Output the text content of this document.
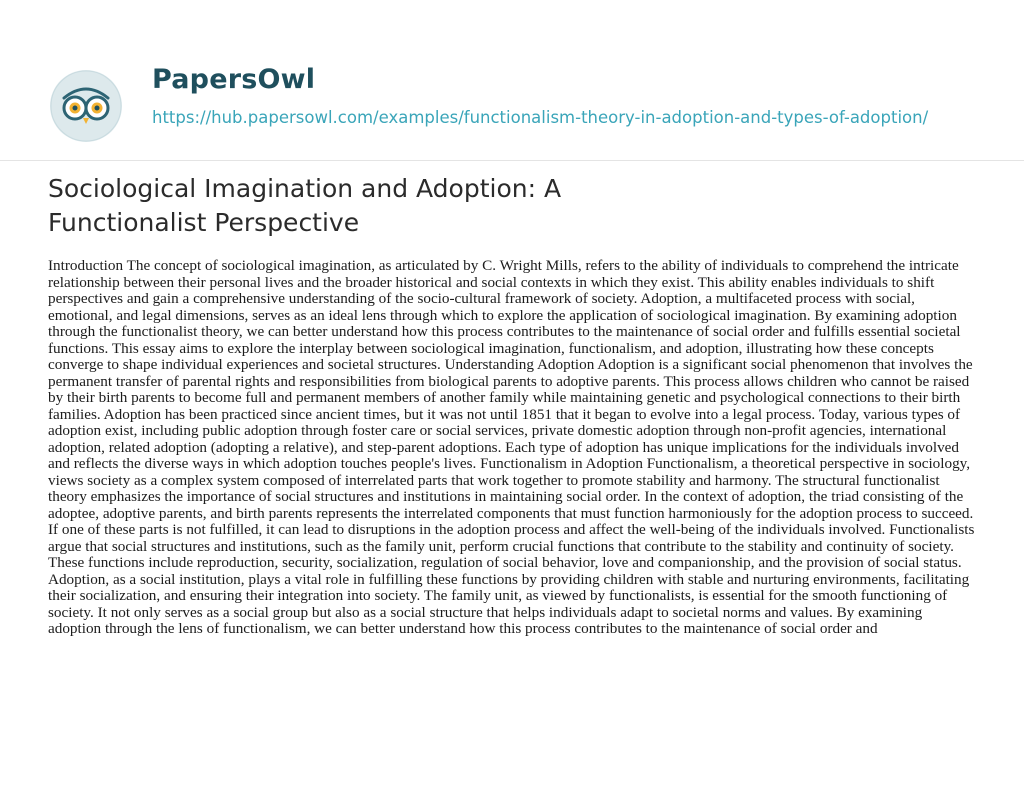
PapersOwl
https://hub.papersowl.com/examples/functionalism-theory-in-adoption-and-types-of-adoption/
Sociological Imagination and Adoption: A Functionalist Perspective

Introduction The concept of sociological imagination, as articulated by C. Wright Mills, refers to the ability of individuals to comprehend the intricate relationship between their personal lives and the broader historical and social contexts in which they exist. This ability enables individuals to shift perspectives and gain a comprehensive understanding of the socio-cultural framework of society. Adoption, a multifaceted process with social, emotional, and legal dimensions, serves as an ideal lens through which to explore the application of sociological imagination. By examining adoption through the functionalist theory, we can better understand how this process contributes to the maintenance of social order and fulfills essential societal functions. This essay aims to explore the interplay between sociological imagination, functionalism, and adoption, illustrating how these concepts converge to shape individual experiences and societal structures. Understanding Adoption Adoption is a significant social phenomenon that involves the permanent transfer of parental rights and responsibilities from biological parents to adoptive parents. This process allows children who cannot be raised by their birth parents to become full and permanent members of another family while maintaining genetic and psychological connections to their birth families. Adoption has been practiced since ancient times, but it was not until 1851 that it began to evolve into a legal process. Today, various types of adoption exist, including public adoption through foster care or social services, private domestic adoption through non-profit agencies, international adoption, related adoption (adopting a relative), and step-parent adoptions. Each type of adoption has unique implications for the individuals involved and reflects the diverse ways in which adoption touches people's lives. Functionalism in Adoption Functionalism, a theoretical perspective in sociology, views society as a complex system composed of interrelated parts that work together to promote stability and harmony. The structural functionalist theory emphasizes the importance of social structures and institutions in maintaining social order. In the context of adoption, the triad consisting of the adoptee, adoptive parents, and birth parents represents the interrelated components that must function harmoniously for the adoption process to succeed. If one of these parts is not fulfilled, it can lead to disruptions in the adoption process and affect the well-being of the individuals involved. Functionalists argue that social structures and institutions, such as the family unit, perform crucial functions that contribute to the stability and continuity of society. These functions include reproduction, security, socialization, regulation of social behavior, love and companionship, and the provision of social status. Adoption, as a social institution, plays a vital role in fulfilling these functions by providing children with stable and nurturing environments, facilitating their socialization, and ensuring their integration into society. The family unit, as viewed by functionalists, is essential for the smooth functioning of society. It not only serves as a social group but also as a social structure that helps individuals adapt to societal norms and values. By examining adoption through the lens of functionalism, we can better understand how this process contributes to the maintenance of social order and
